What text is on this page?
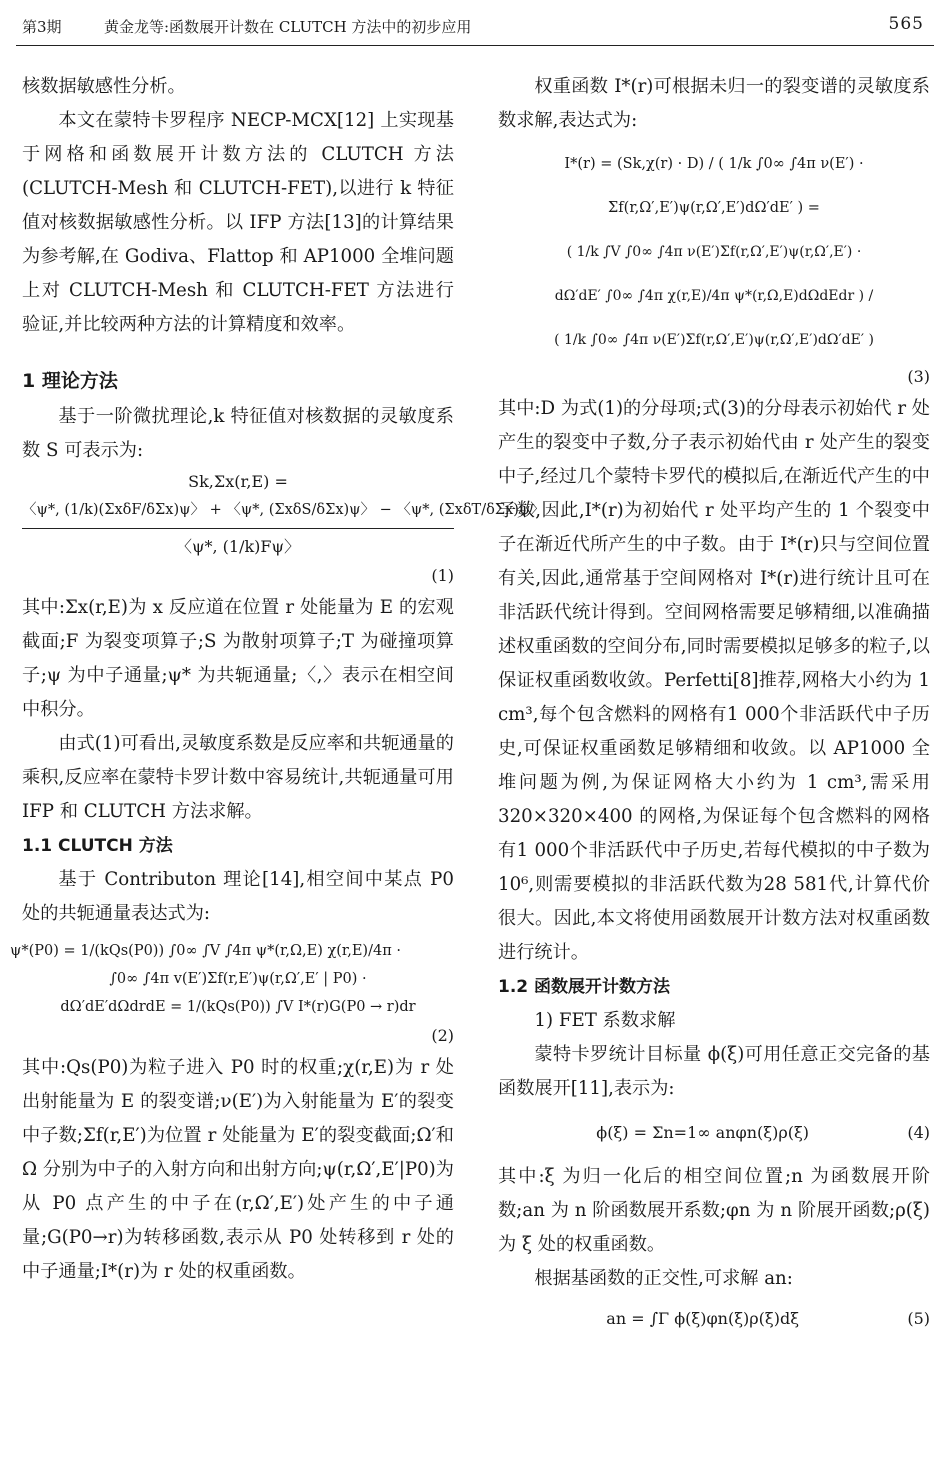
第3期	黄金龙等:函数展开计数在 CLUTCH 方法中的初步应用	565

核数据敏感性分析。

本文在蒙特卡罗程序 NECP-MCX[12] 上实现基于网格和函数展开计数方法的 CLUTCH 方法(CLUTCH-Mesh 和 CLUTCH-FET),以进行 k 特征值对核数据敏感性分析。以 IFP 方法[13]的计算结果为参考解,在 Godiva、Flattop 和 AP1000 全堆问题上对 CLUTCH-Mesh 和 CLUTCH-FET 方法进行验证,并比较两种方法的计算精度和效率。

1 理论方法

基于一阶微扰理论,k 特征值对核数据的灵敏度系数 S 可表示为:

Sk,Σx(r,E) =
〈ψ*, (1/k)(ΣxδF/δΣx)ψ〉 + 〈ψ*, (ΣxδS/δΣx)ψ〉 − 〈ψ*, (ΣxδT/δΣx)ψ〉
〈ψ*, (1/k)Fψ〉
(1)

其中:Σx(r,E)为 x 反应道在位置 r 处能量为 E 的宏观截面;F 为裂变项算子;S 为散射项算子;T 为碰撞项算子;ψ 为中子通量;ψ* 为共轭通量;〈,〉表示在相空间中积分。

由式(1)可看出,灵敏度系数是反应率和共轭通量的乘积,反应率在蒙特卡罗计数中容易统计,共轭通量可用 IFP 和 CLUTCH 方法求解。

1.1 CLUTCH 方法

基于 Contributon 理论[14],相空间中某点 P0 处的共轭通量表达式为:

ψ*(P0) = 1/(kQs(P0)) ∫0∞ ∫V ∫4π ψ*(r,Ω,E) χ(r,E)/4π ·
∫0∞ ∫4π v(E′)Σf(r,E′)ψ(r,Ω′,E′ | P0) ·
dΩ′dE′dΩdrdE = 1/(kQs(P0)) ∫V I*(r)G(P0 → r)dr
(2)

其中:Qs(P0)为粒子进入 P0 时的权重;χ(r,E)为 r 处出射能量为 E 的裂变谱;ν(E′)为入射能量为 E′的裂变中子数;Σf(r,E′)为位置 r 处能量为 E′的裂变截面;Ω′和 Ω 分别为中子的入射方向和出射方向;ψ(r,Ω′,E′|P0)为从 P0 点产生的中子在(r,Ω′,E′)处产生的中子通量;G(P0→r)为转移函数,表示从 P0 处转移到 r 处的中子通量;I*(r)为 r 处的权重函数。

权重函数 I*(r)可根据未归一的裂变谱的灵敏度系数求解,表达式为:

I*(r) = (Sk,χ(r) · D) / ( 1/k ∫0∞ ∫4π ν(E′) ·
Σf(r,Ω′,E′)ψ(r,Ω′,E′)dΩ′dE′ ) =
( 1/k ∫V ∫0∞ ∫4π ν(E′)Σf(r,Ω′,E′)ψ(r,Ω′,E′) ·
dΩ′dE′ ∫0∞ ∫4π χ(r,E)/4π ψ*(r,Ω,E)dΩdEdr ) /
( 1/k ∫0∞ ∫4π ν(E′)Σf(r,Ω′,E′)ψ(r,Ω′,E′)dΩ′dE′ )
(3)

其中:D 为式(1)的分母项;式(3)的分母表示初始代 r 处产生的裂变中子数,分子表示初始代由 r 处产生的裂变中子,经过几个蒙特卡罗代的模拟后,在渐近代产生的中子数,因此,I*(r)为初始代 r 处平均产生的 1 个裂变中子在渐近代所产生的中子数。由于 I*(r)只与空间位置有关,因此,通常基于空间网格对 I*(r)进行统计且可在非活跃代统计得到。空间网格需要足够精细,以准确描述权重函数的空间分布,同时需要模拟足够多的粒子,以保证权重函数收敛。Perfetti[8]推荐,网格大小约为 1 cm³,每个包含燃料的网格有1 000个非活跃代中子历史,可保证权重函数足够精细和收敛。以 AP1000 全堆问题为例,为保证网格大小约为 1 cm³,需采用 320×320×400 的网格,为保证每个包含燃料的网格有1 000个非活跃代中子历史,若每代模拟的中子数为 10⁶,则需要模拟的非活跃代数为28 581代,计算代价很大。因此,本文将使用函数展开计数方法对权重函数进行统计。

1.2 函数展开计数方法

1) FET 系数求解

蒙特卡罗统计目标量 ϕ(ξ)可用任意正交完备的基函数展开[11],表示为:

ϕ(ξ) = Σn=1∞ anφn(ξ)ρ(ξ)	(4)

其中:ξ 为归一化后的相空间位置;n 为函数展开阶数;an 为 n 阶函数展开系数;φn 为 n 阶展开函数;ρ(ξ)为 ξ 处的权重函数。

根据基函数的正交性,可求解 an:

an = ∫Γ ϕ(ξ)φn(ξ)ρ(ξ)dξ	(5)
